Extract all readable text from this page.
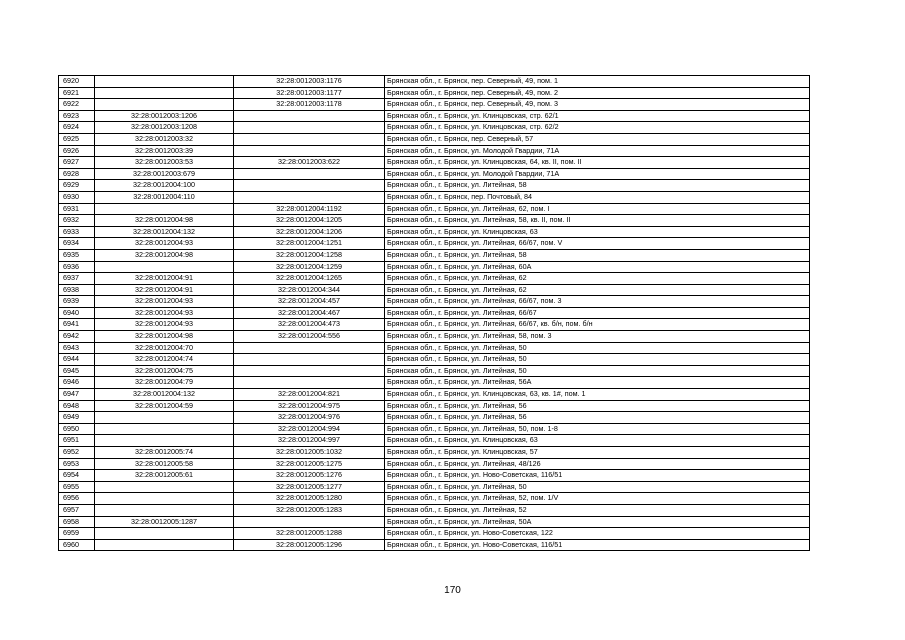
6920		32:28:0012003:1176	Брянская обл., г. Брянск, пер. Северный, 49, пом. 1
6921		32:28:0012003:1177	Брянская обл., г. Брянск, пер. Северный, 49, пом. 2
6922		32:28:0012003:1178	Брянская обл., г. Брянск, пер. Северный, 49, пом. 3
6923	32:28:0012003:1206		Брянская обл., г. Брянск, ул. Клинцовская, стр. 62/1
6924	32:28:0012003:1208		Брянская обл., г. Брянск, ул. Клинцовская, стр. 62/2
6925	32:28:0012003:32		Брянская обл., г. Брянск, пер. Северный, 57
6926	32:28:0012003:39		Брянская обл., г. Брянск, ул. Молодой Гвардии, 71А
6927	32:28:0012003:53	32:28:0012003:622	Брянская обл., г. Брянск, ул. Клинцовская, 64, кв. II, пом. II
6928	32:28:0012003:679		Брянская обл., г. Брянск, ул. Молодой Гвардии, 71А
6929	32:28:0012004:100		Брянская обл., г. Брянск, ул. Литейная, 58
6930	32:28:0012004:110		Брянская обл., г. Брянск, пер. Почтовый, 84
6931		32:28:0012004:1192	Брянская обл., г. Брянск, ул. Литейная, 62, пом. I
6932	32:28:0012004:98	32:28:0012004:1205	Брянская обл., г. Брянск, ул. Литейная, 58, кв. II, пом. II
6933	32:28:0012004:132	32:28:0012004:1206	Брянская обл., г. Брянск, ул. Клинцовская, 63
6934	32:28:0012004:93	32:28:0012004:1251	Брянская обл., г. Брянск, ул. Литейная, 66/67, пом. V
6935	32:28:0012004:98	32:28:0012004:1258	Брянская обл., г. Брянск, ул. Литейная, 58
6936		32:28:0012004:1259	Брянская обл., г. Брянск, ул. Литейная, 60А
6937	32:28:0012004:91	32:28:0012004:1265	Брянская обл., г. Брянск, ул. Литейная, 62
6938	32:28:0012004:91	32:28:0012004:344	Брянская обл., г. Брянск, ул. Литейная, 62
6939	32:28:0012004:93	32:28:0012004:457	Брянская обл., г. Брянск, ул. Литейная, 66/67, пом. 3
6940	32:28:0012004:93	32:28:0012004:467	Брянская обл., г. Брянск, ул. Литейная, 66/67
6941	32:28:0012004:93	32:28:0012004:473	Брянская обл., г. Брянск, ул. Литейная, 66/67, кв. б/н, пом. б/н
6942	32:28:0012004:98	32:28:0012004:556	Брянская обл., г. Брянск, ул. Литейная, 58, пом. 3
6943	32:28:0012004:70		Брянская обл., г. Брянск, ул. Литейная, 50
6944	32:28:0012004:74		Брянская обл., г. Брянск, ул. Литейная, 50
6945	32:28:0012004:75		Брянская обл., г. Брянск, ул. Литейная, 50
6946	32:28:0012004:79		Брянская обл., г. Брянск, ул. Литейная, 56А
6947	32:28:0012004:132	32:28:0012004:821	Брянская обл., г. Брянск, ул. Клинцовская, 63, кв. 1#, пом. 1
6948	32:28:0012004:59	32:28:0012004:975	Брянская обл., г. Брянск, ул. Литейная, 56
6949		32:28:0012004:976	Брянская обл., г. Брянск, ул. Литейная, 56
6950		32:28:0012004:994	Брянская обл., г. Брянск, ул. Литейная, 50, пом. 1-8
6951		32:28:0012004:997	Брянская обл., г. Брянск, ул. Клинцовская, 63
6952	32:28:0012005:74	32:28:0012005:1032	Брянская обл., г. Брянск, ул. Клинцовская, 57
6953	32:28:0012005:58	32:28:0012005:1275	Брянская обл., г. Брянск, ул. Литейная, 48/126
6954	32:28:0012005:61	32:28:0012005:1276	Брянская обл., г. Брянск, ул. Ново-Советская, 116/51
6955		32:28:0012005:1277	Брянская обл., г. Брянск, ул. Литейная, 50
6956		32:28:0012005:1280	Брянская обл., г. Брянск, ул. Литейная, 52, пом. 1/V
6957		32:28:0012005:1283	Брянская обл., г. Брянск, ул. Литейная, 52
6958	32:28:0012005:1287		Брянская обл., г. Брянск, ул. Литейная, 50А
6959		32:28:0012005:1288	Брянская обл., г. Брянск, ул. Ново-Советская, 122
6960		32:28:0012005:1296	Брянская обл., г. Брянск, ул. Ново-Советская, 116/51
170
